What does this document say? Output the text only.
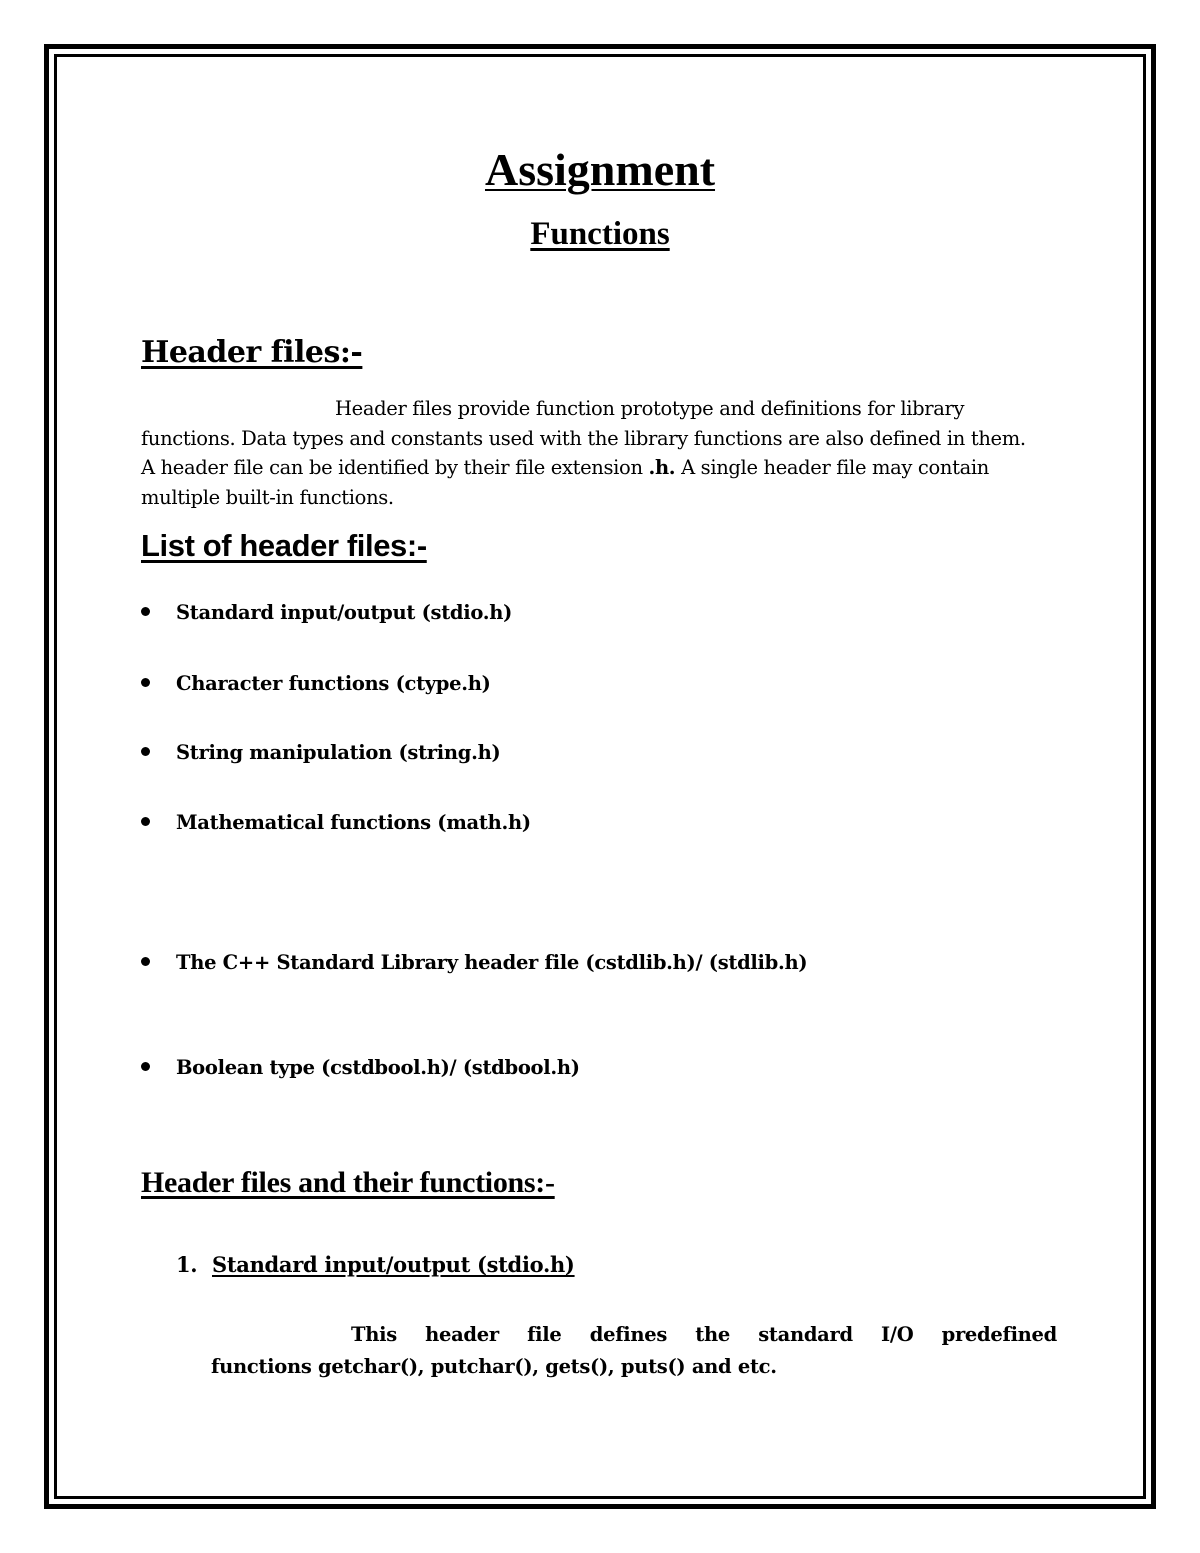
Assignment
Functions
Header files:-
Header files provide function prototype and definitions for library functions. Data types and constants used with the library functions are also defined in them. A header file can be identified by their file extension .h. A single header file may contain multiple built-in functions.
List of header files:-
Standard input/output (stdio.h)
Character functions (ctype.h)
String manipulation (string.h)
Mathematical functions (math.h)
The C++ Standard Library header file (cstdlib.h)/ (stdlib.h)
Boolean type (cstdbool.h)/ (stdbool.h)
Header files and their functions:-
1. Standard input/output (stdio.h)
This header file defines the standard I/O predefined
functions getchar(), putchar(), gets(), puts() and etc.
